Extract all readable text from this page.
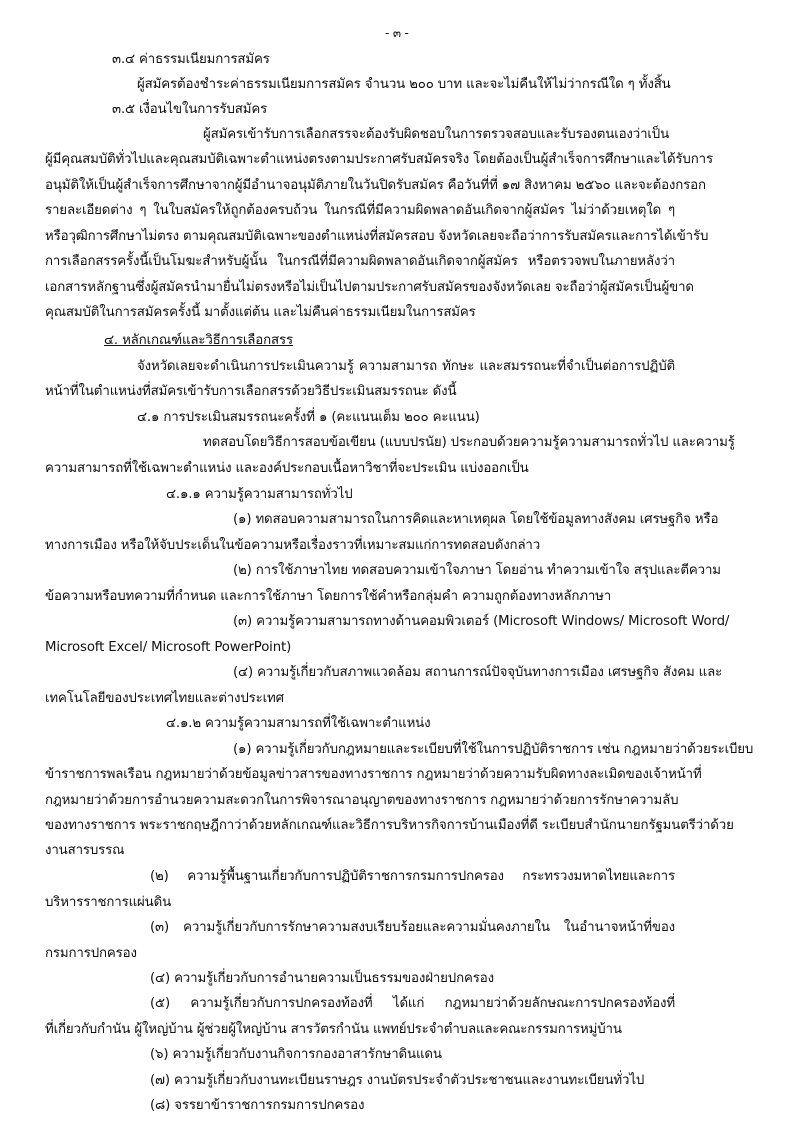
- ๓ -
๓.๔ ค่าธรรมเนียมการสมัคร
ผู้สมัครต้องชำระค่าธรรมเนียมการสมัคร จำนวน ๒๐๐ บาท และจะไม่คืนให้ไม่ว่ากรณีใด ๆ ทั้งสิ้น
๓.๕ เงื่อนไขในการรับสมัคร
ผู้สมัครเข้ารับการเลือกสรรจะต้องรับผิดชอบในการตรวจสอบและรับรองตนเองว่าเป็น
ผู้มีคุณสมบัติทั่วไปและคุณสมบัติเฉพาะตำแหน่งตรงตามประกาศรับสมัครจริง โดยต้องเป็นผู้สำเร็จการศึกษาและได้รับการ
อนุมัติให้เป็นผู้สำเร็จการศึกษาจากผู้มีอำนาจอนุมัติภายในวันปิดรับสมัคร คือวันที่ที่ ๑๗ สิงหาคม ๒๕๖๐ และจะต้องกรอก
รายละเอียดต่าง ๆ ในใบสมัครให้ถูกต้องครบถ้วน ในกรณีที่มีความผิดพลาดอันเกิดจากผู้สมัคร ไม่ว่าด้วยเหตุใด ๆ
หรือวุฒิการศึกษาไม่ตรง ตามคุณสมบัติเฉพาะของตำแหน่งที่สมัครสอบ จังหวัดเลยจะถือว่าการรับสมัครและการได้เข้ารับ
การเลือกสรรครั้งนี้เป็นโมฆะสำหรับผู้นั้น ในกรณีที่มีความผิดพลาดอันเกิดจากผู้สมัคร หรือตรวจพบในภายหลังว่า
เอกสารหลักฐานซึ่งผู้สมัครนำมายื่นไม่ตรงหรือไม่เป็นไปตามประกาศรับสมัครของจังหวัดเลย จะถือว่าผู้สมัครเป็นผู้ขาด
คุณสมบัติในการสมัครครั้งนี้ มาตั้งแต่ต้น และไม่คืนค่าธรรมเนียมในการสมัคร
๔. หลักเกณฑ์และวิธีการเลือกสรร
จังหวัดเลยจะดำเนินการประเมินความรู้ ความสามารถ ทักษะ และสมรรถนะที่จำเป็นต่อการปฏิบัติ
หน้าที่ในตำแหน่งที่สมัครเข้ารับการเลือกสรรด้วยวิธีประเมินสมรรถนะ ดังนี้
๔.๑ การประเมินสมรรถนะครั้งที่ ๑ (คะแนนเต็ม ๒๐๐ คะแนน)
ทดสอบโดยวิธีการสอบข้อเขียน (แบบปรนัย) ประกอบด้วยความรู้ความสามารถทั่วไป และความรู้
ความสามารถที่ใช้เฉพาะตำแหน่ง และองค์ประกอบเนื้อหาวิชาที่จะประเมิน แบ่งออกเป็น
๔.๑.๑ ความรู้ความสามารถทั่วไป
(๑) ทดสอบความสามารถในการคิดและหาเหตุผล โดยใช้ข้อมูลทางสังคม เศรษฐกิจ หรือ
ทางการเมือง หรือให้จับประเด็นในข้อความหรือเรื่องราวที่เหมาะสมแก่การทดสอบดังกล่าว
(๒) การใช้ภาษาไทย ทดสอบความเข้าใจภาษา โดยอ่าน ทำความเข้าใจ สรุปและตีความ
ข้อความหรือบทความที่กำหนด และการใช้ภาษา โดยการใช้คำหรือกลุ่มคำ ความถูกต้องทางหลักภาษา
(๓) ความรู้ความสามารถทางด้านคอมพิวเตอร์ (Microsoft Windows/ Microsoft Word/
Microsoft Excel/ Microsoft PowerPoint)
(๔) ความรู้เกี่ยวกับสภาพแวดล้อม สถานการณ์ปัจจุบันทางการเมือง เศรษฐกิจ สังคม และ
เทคโนโลยีของประเทศไทยและต่างประเทศ
๔.๑.๒ ความรู้ความสามารถที่ใช้เฉพาะตำแหน่ง
(๑) ความรู้เกี่ยวกับกฎหมายและระเบียบที่ใช้ในการปฏิบัติราชการ เช่น กฎหมายว่าด้วยระเบียบ
ข้าราชการพลเรือน กฎหมายว่าด้วยข้อมูลข่าวสารของทางราชการ กฎหมายว่าด้วยความรับผิดทางละเมิดของเจ้าหน้าที่
กฎหมายว่าด้วยการอำนวยความสะดวกในการพิจารณาอนุญาตของทางราชการ กฎหมายว่าด้วยการรักษาความลับ
ของทางราชการ พระราชกฤษฎีกาว่าด้วยหลักเกณฑ์และวิธีการบริหารกิจการบ้านเมืองที่ดี ระเบียบสำนักนายกรัฐมนตรีว่าด้วย
งานสารบรรณ
(๒) ความรู้พื้นฐานเกี่ยวกับการปฏิบัติราชการกรมการปกครอง กระทรวงมหาดไทยและการ
บริหารราชการแผ่นดิน
(๓) ความรู้เกี่ยวกับการรักษาความสงบเรียบร้อยและความมั่นคงภายใน ในอำนาจหน้าที่ของ
กรมการปกครอง
(๔) ความรู้เกี่ยวกับการอำนายความเป็นธรรมของฝ่ายปกครอง
(๕) ความรู้เกี่ยวกับการปกครองท้องที่ ได้แก่ กฎหมายว่าด้วยลักษณะการปกครองท้องที่
ที่เกี่ยวกับกำนัน ผู้ใหญ่บ้าน ผู้ช่วยผู้ใหญ่บ้าน สารวัตรกำนัน แพทย์ประจำตำบลและคณะกรรมการหมู่บ้าน
(๖) ความรู้เกี่ยวกับงานกิจการกองอาสารักษาดินแดน
(๗) ความรู้เกี่ยวกับงานทะเบียนราษฎร งานบัตรประจำตัวประชาชนและงานทะเบียนทั่วไป
(๘) จรรยาข้าราชการกรมการปกครอง
